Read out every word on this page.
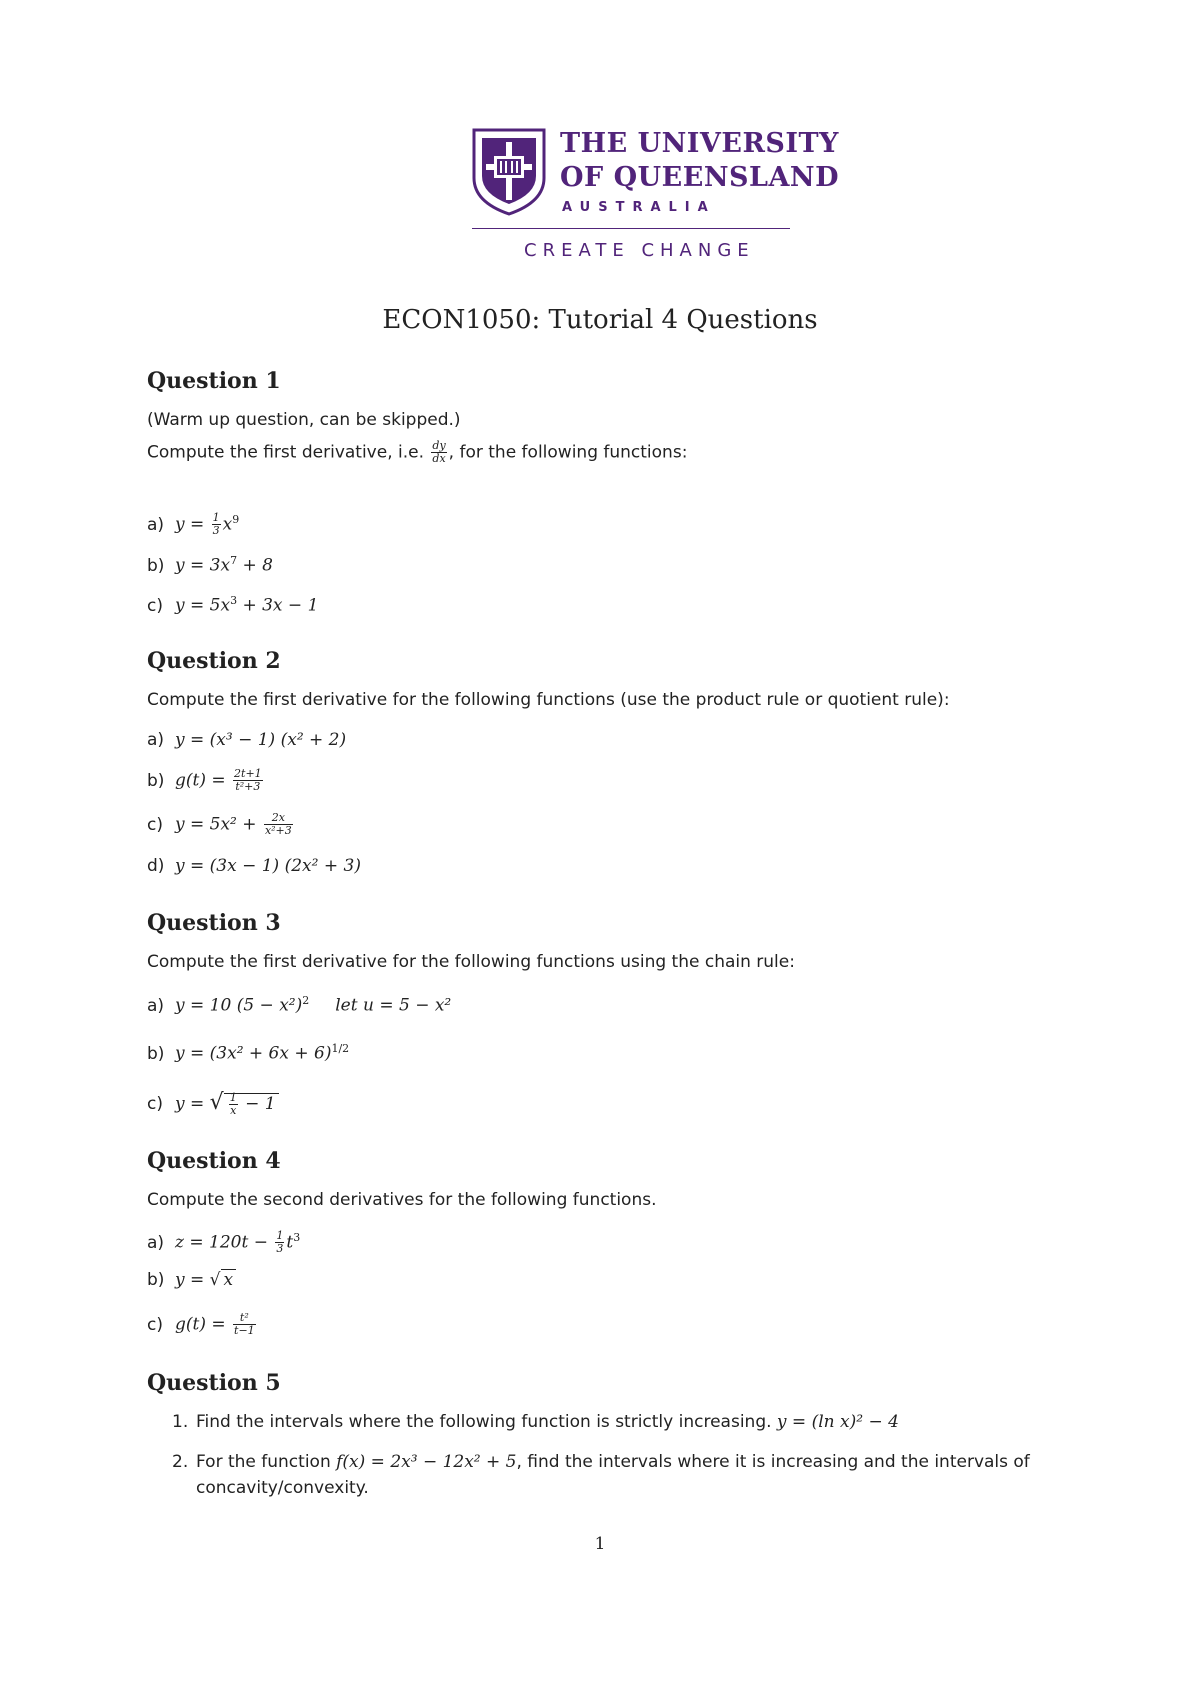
THE UNIVERSITY
OF QUEENSLAND
AUSTRALIA
CREATE CHANGE
ECON1050: Tutorial 4 Questions
Question 1
(Warm up question, can be skipped.)
Compute the first derivative, i.e. $\frac{dy}{dx}$ , for the following functions:
a) $y = \frac{1}{3} x^9$
b) $y = 3x^7 + 8$
c) $y = 5x^3 + 3x - 1$
Question 2
Compute the first derivative for the following functions (use the product rule or quotient rule):
a) y = (x³ − 1) (x² + 2)
b) $g(t) = \frac{2t+1}{\text{t²+3}}$
c) $y = 5x^2 + \frac{2x}{\text{x²+3}}$
d) y = (3x − 1) (2x² + 3)
Question 3
Compute the first derivative for the following functions using the chain rule:
a) y = 10 $(5 - x^2)^2$ let u = 5 − x²
b) $y = (3x^2 + 6x + 6)^{1/2}$
c) y = √ $\frac{1}{x} - 1$
Question 4
Compute the second derivatives for the following functions.
a) $z = 120t - \frac{1}{3} t^3$
b) y = √ x
c) $g(t) = \frac{\text{t²}}{t-1}$
Question 5
1. Find the intervals where the following function is strictly increasing. y = (ln x)² − 4
2. For the function f(x) = 2x³ − 12x² + 5, find the intervals where it is increasing and the intervals of
concavity/convexity.
1
